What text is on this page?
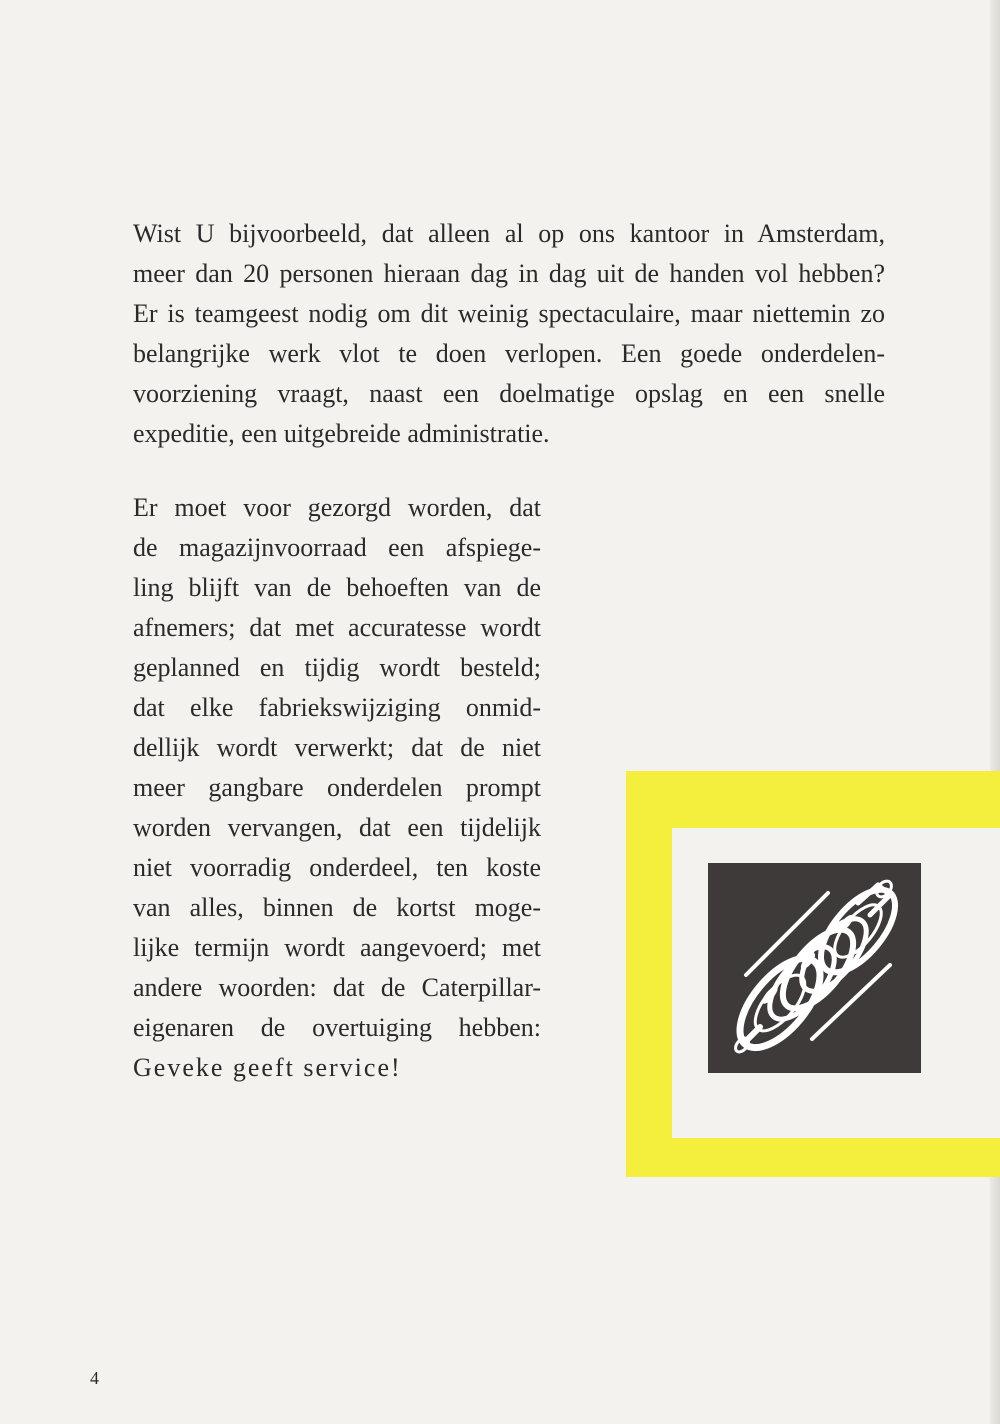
Wist U bijvoorbeeld, dat alleen al op ons kantoor in Amsterdam,
meer dan 20 personen hieraan dag in dag uit de handen vol hebben?
Er is teamgeest nodig om dit weinig spectaculaire, maar niettemin zo
belangrijke werk vlot te doen verlopen. Een goede onderdelen-
voorziening vraagt, naast een doelmatige opslag en een snelle
expeditie, een uitgebreide administratie.
Er moet voor gezorgd worden, dat
de magazijnvoorraad een afspiege-
ling blijft van de behoeften van de
afnemers; dat met accuratesse wordt
geplanned en tijdig wordt besteld;
dat elke fabriekswijziging onmid-
dellijk wordt verwerkt; dat de niet
meer gangbare onderdelen prompt
worden vervangen, dat een tijdelijk
niet voorradig onderdeel, ten koste
van alles, binnen de kortst moge-
lijke termijn wordt aangevoerd; met
andere woorden: dat de Caterpillar-
eigenaren de overtuiging hebben:
Geveke geeft service!
4
